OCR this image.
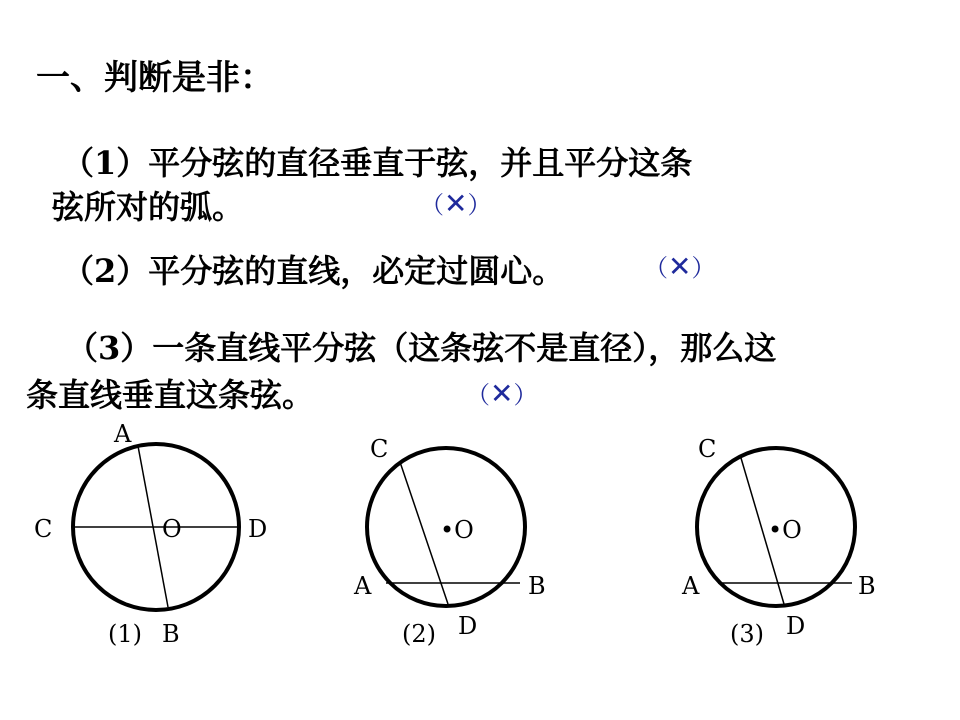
一、判断是非：
（1）平分弦的直径垂直于弦，并且平分这条
弦所对的弧。	（✕）
（2）平分弦的直线，必定过圆心。	（✕）
（3）一条直线平分弦（这条弦不是直径），那么这
条直线垂直这条弦。	（✕）
A
C	O	D
B
(1)
C
•O
A	B
D
(2)
C
•O
A	B
D
(3)
